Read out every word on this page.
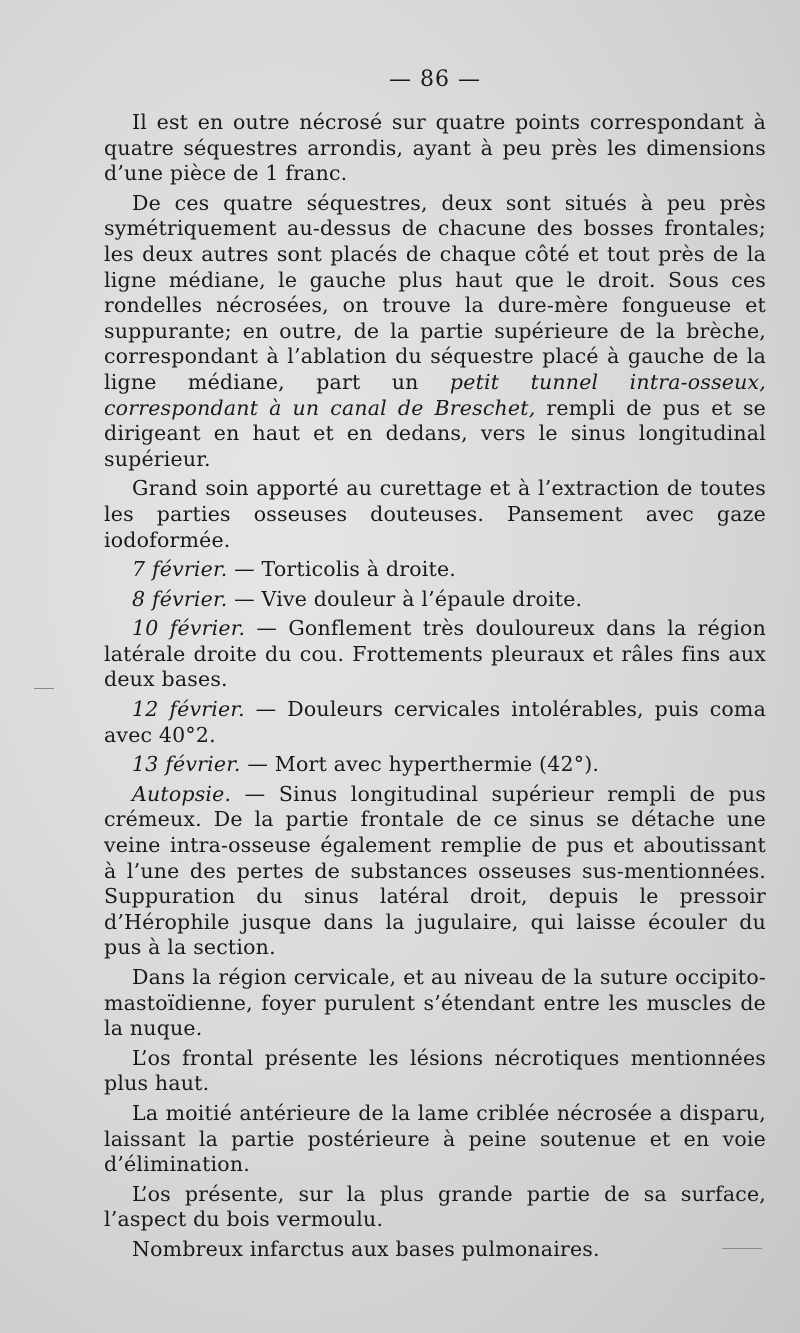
— 86 —

Il est en outre nécrosé sur quatre points correspondant à quatre séquestres arrondis, ayant à peu près les dimensions d’une pièce de 1 franc.

De ces quatre séquestres, deux sont situés à peu près symétriquement au-dessus de chacune des bosses frontales; les deux autres sont placés de chaque côté et tout près de la ligne médiane, le gauche plus haut que le droit. Sous ces rondelles nécrosées, on trouve la dure-mère fongueuse et suppurante; en outre, de la partie supérieure de la brèche, correspondant à l’ablation du séquestre placé à gauche de la ligne médiane, part un petit tunnel intra-osseux, correspondant à un canal de Breschet, rempli de pus et se dirigeant en haut et en dedans, vers le sinus longitudinal supérieur.

Grand soin apporté au curettage et à l’extraction de toutes les parties osseuses douteuses. Pansement avec gaze iodoformée.

7 février. — Torticolis à droite.

8 février. — Vive douleur à l’épaule droite.

10 février. — Gonflement très douloureux dans la région latérale droite du cou. Frottements pleuraux et râles fins aux deux bases.

12 février. — Douleurs cervicales intolérables, puis coma avec 40°2.

13 février. — Mort avec hyperthermie (42°).

Autopsie. — Sinus longitudinal supérieur rempli de pus crémeux. De la partie frontale de ce sinus se détache une veine intra-osseuse également remplie de pus et aboutissant à l’une des pertes de substances osseuses sus-mentionnées. Suppuration du sinus latéral droit, depuis le pressoir d’Hérophile jusque dans la jugulaire, qui laisse écouler du pus à la section.

Dans la région cervicale, et au niveau de la suture occipito-mastoïdienne, foyer purulent s’étendant entre les muscles de la nuque.

L’os frontal présente les lésions nécrotiques mentionnées plus haut.

La moitié antérieure de la lame criblée nécrosée a disparu, laissant la partie postérieure à peine soutenue et en voie d’élimination.

L’os présente, sur la plus grande partie de sa surface, l’aspect du bois vermoulu.

Nombreux infarctus aux bases pulmonaires.
